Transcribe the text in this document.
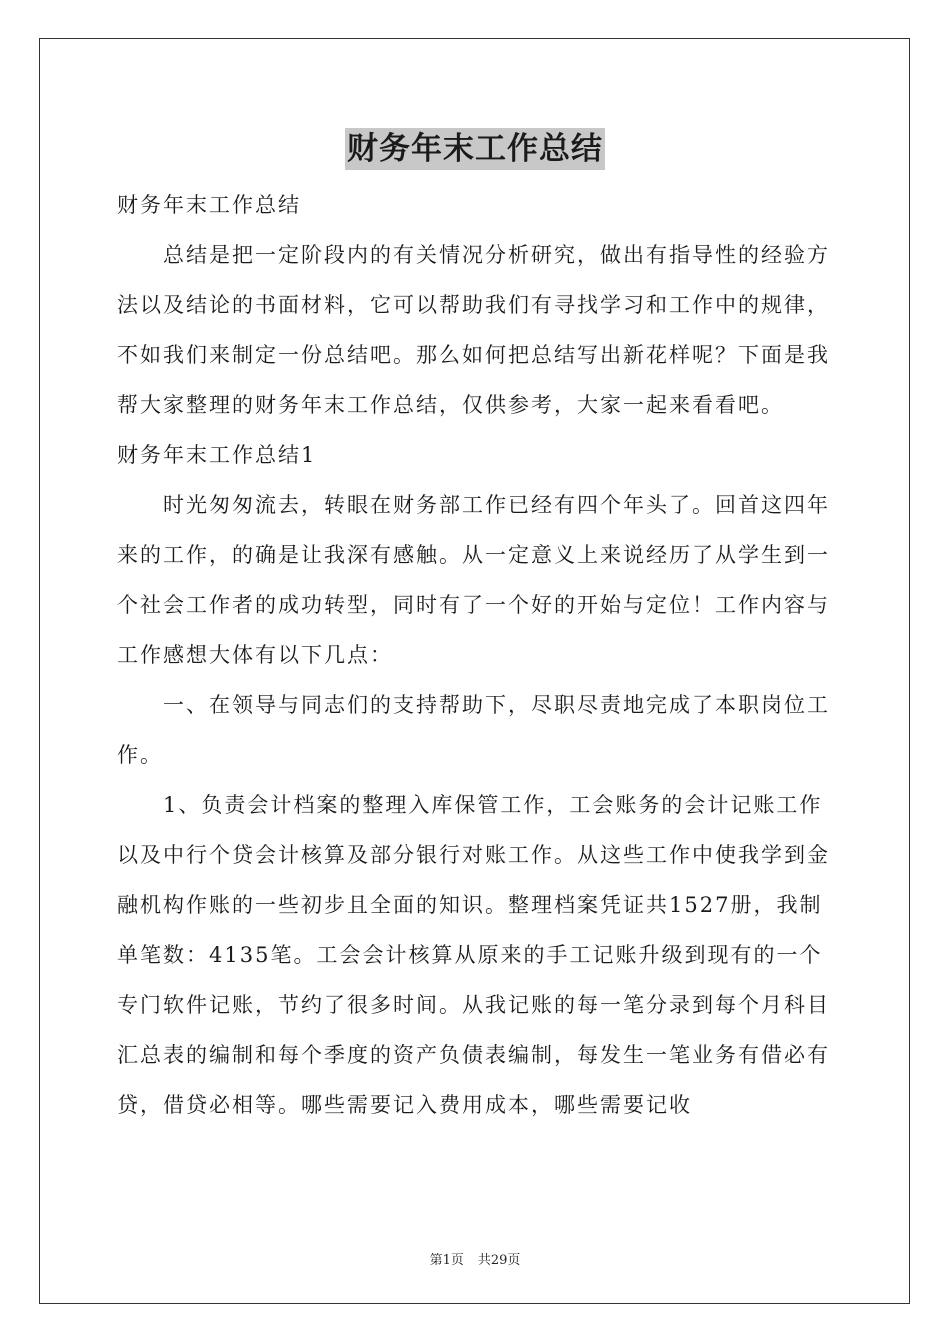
财务年末工作总结

财务年末工作总结

总结是把一定阶段内的有关情况分析研究，做出有指导性的经验方法以及结论的书面材料，它可以帮助我们有寻找学习和工作中的规律，不如我们来制定一份总结吧。那么如何把总结写出新花样呢？下面是我帮大家整理的财务年末工作总结，仅供参考，大家一起来看看吧。

财务年末工作总结1

时光匆匆流去，转眼在财务部工作已经有四个年头了。回首这四年来的工作，的确是让我深有感触。从一定意义上来说经历了从学生到一个社会工作者的成功转型，同时有了一个好的开始与定位！工作内容与工作感想大体有以下几点：

一、在领导与同志们的支持帮助下，尽职尽责地完成了本职岗位工作。

1、负责会计档案的整理入库保管工作，工会账务的会计记账工作以及中行个贷会计核算及部分银行对账工作。从这些工作中使我学到金融机构作账的一些初步且全面的知识。整理档案凭证共1527册，我制单笔数：4135笔。工会会计核算从原来的手工记账升级到现有的一个专门软件记账，节约了很多时间。从我记账的每一笔分录到每个月科目汇总表的编制和每个季度的资产负债表编制，每发生一笔业务有借必有贷，借贷必相等。哪些需要记入费用成本，哪些需要记收

第1页 共29页
